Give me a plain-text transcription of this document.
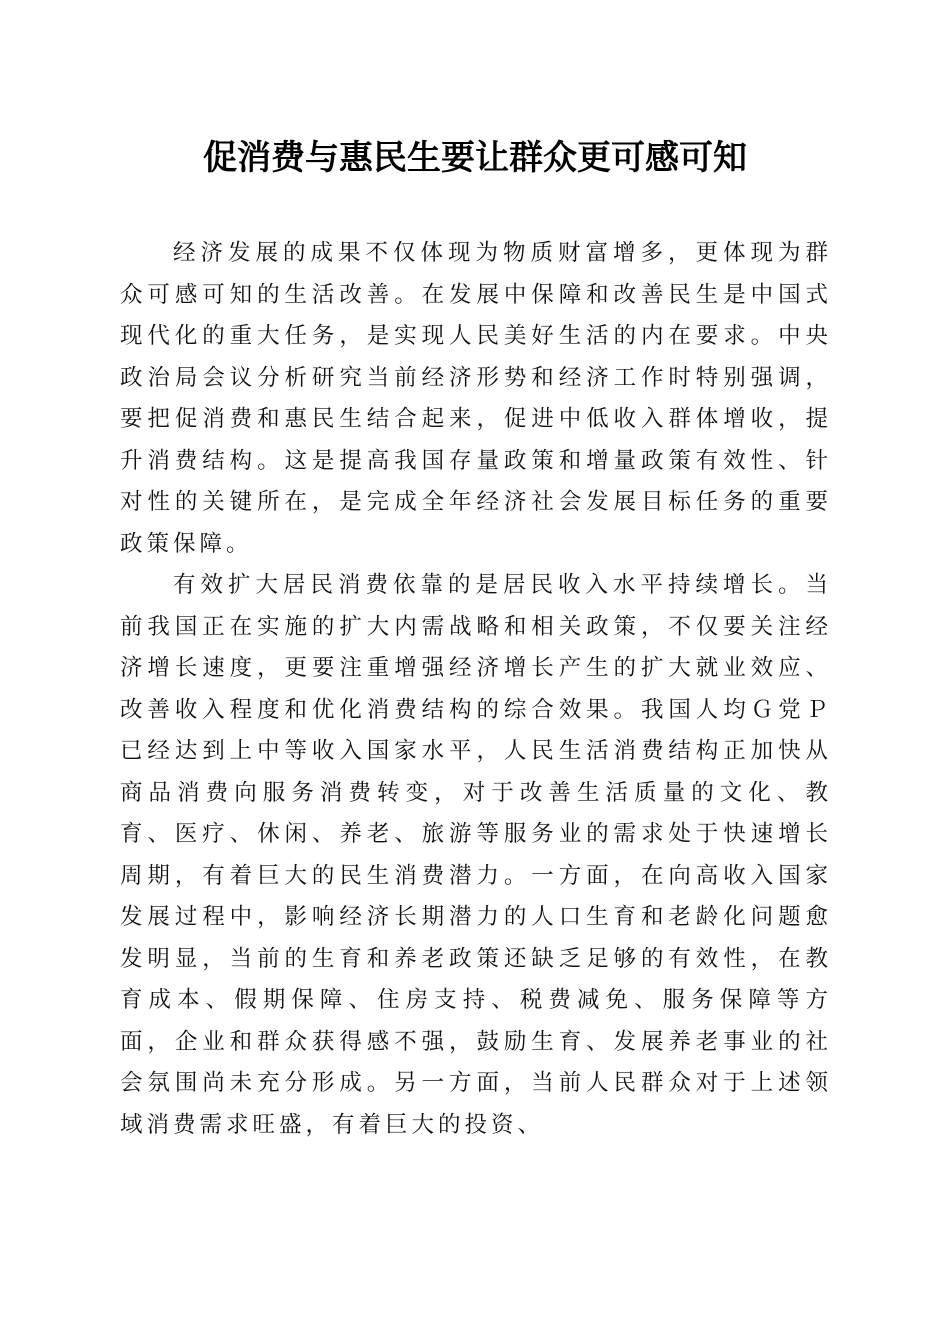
促消费与惠民生要让群众更可感可知

经济发展的成果不仅体现为物质财富增多，更体现为群众可感可知的生活改善。在发展中保障和改善民生是中国式现代化的重大任务，是实现人民美好生活的内在要求。中央政治局会议分析研究当前经济形势和经济工作时特别强调，要把促消费和惠民生结合起来，促进中低收入群体增收，提升消费结构。这是提高我国存量政策和增量政策有效性、针对性的关键所在，是完成全年经济社会发展目标任务的重要政策保障。

有效扩大居民消费依靠的是居民收入水平持续增长。当前我国正在实施的扩大内需战略和相关政策，不仅要关注经济增长速度，更要注重增强经济增长产生的扩大就业效应、改善收入程度和优化消费结构的综合效果。我国人均Ｇ党Ｐ已经达到上中等收入国家水平，人民生活消费结构正加快从商品消费向服务消费转变，对于改善生活质量的文化、教育、医疗、休闲、养老、旅游等服务业的需求处于快速增长周期，有着巨大的民生消费潜力。一方面，在向高收入国家发展过程中，影响经济长期潜力的人口生育和老龄化问题愈发明显，当前的生育和养老政策还缺乏足够的有效性，在教育成本、假期保障、住房支持、税费减免、服务保障等方面，企业和群众获得感不强，鼓励生育、发展养老事业的社会氛围尚未充分形成。另一方面，当前人民群众对于上述领域消费需求旺盛，有着巨大的投资、
